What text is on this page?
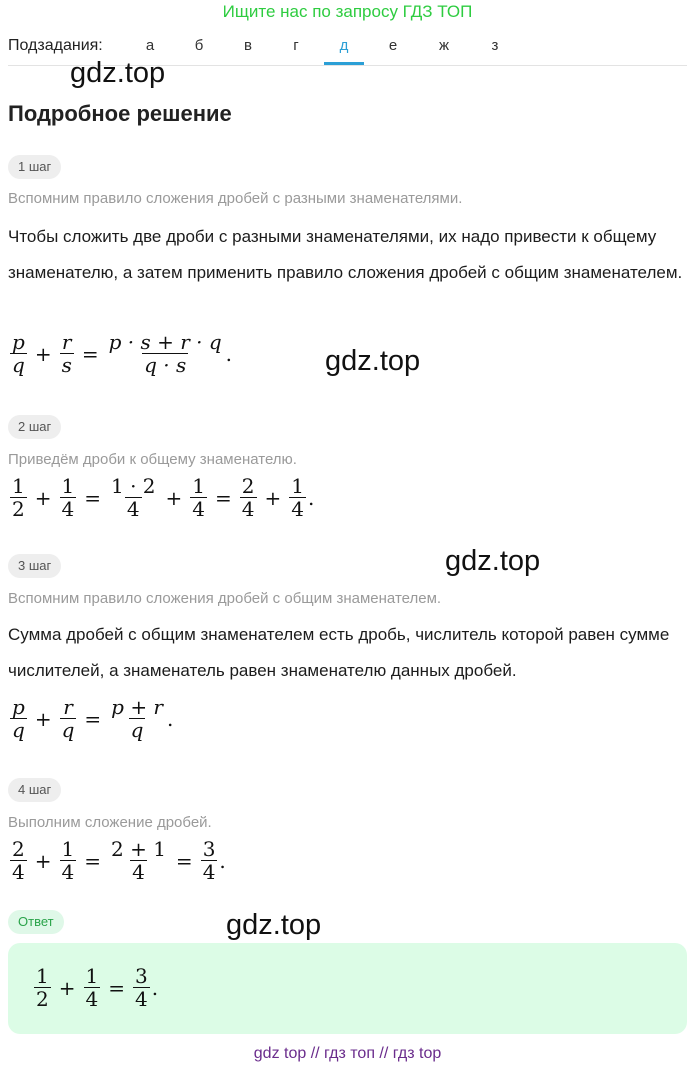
Ищите нас по запросу ГДЗ ТОП
Подзадания:	а	б	в	г	д	е	ж	з
gdz.top
gdz.top
gdz.top
gdz.top
Подробное решение
1 шаг
Вспомним правило сложения дробей с разными знаменателями.
Чтобы сложить две дроби с разными знаменателями, их надо привести к общему знаменателю, а затем применить правило сложения дробей с общим знаменателем.
$\frac{p}{q} + \frac{r}{s} = \frac{p \cdot s + r \cdot q}{q \cdot s}$ .
2 шаг
Приведём дроби к общему знаменателю.
$\frac{1}{2} + \frac{1}{4} = \frac{1 \cdot 2}{4} + \frac{1}{4} = \frac{2}{4} + \frac{1}{4}$ .
3 шаг
Вспомним правило сложения дробей с общим знаменателем.
Сумма дробей с общим знаменателем есть дробь, числитель которой равен сумме числителей, а знаменатель равен знаменателю данных дробей.
$\frac{p}{q} + \frac{r}{q} = \frac{p + r}{q}$ .
4 шаг
Выполним сложение дробей.
$\frac{2}{4} + \frac{1}{4} = \frac{2 + 1}{4} = \frac{3}{4}$ .
Ответ
$\frac{1}{2} + \frac{1}{4} = \frac{3}{4}$ .
gdz top // гдз топ // гдз top
